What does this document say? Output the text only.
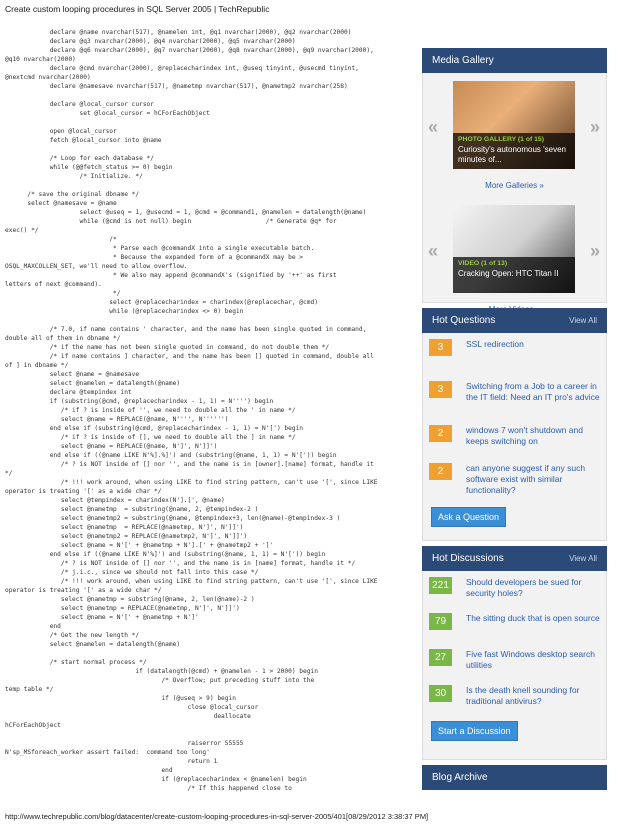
Create custom looping procedures in SQL Server 2005 | TechRepublic
declare @name nvarchar(517), @namelen int, @q1 nvarchar(2000), @q2 nvarchar(2000)
declare @q3 nvarchar(2000), @q4 nvarchar(2000), @q5 nvarchar(2000)
declare @q6 nvarchar(2000), @q7 nvarchar(2000), @q8 nvarchar(2000), @q9 nvarchar(2000),
@q10 nvarchar(2000)
declare @cmd nvarchar(2000), @replacecharindex int, @useq tinyint, @usecmd tinyint,
@nextcmd nvarchar(2000)
declare @namesave nvarchar(517), @nametmp nvarchar(517), @nametmp2 nvarchar(258)
declare @local_cursor cursor
set @local_cursor = hCForEachObject
open @local_cursor
fetch @local_cursor into @name
/* Loop for each database */
while (@@fetch_status >= 0) begin
/* Initialize. */
/* save the original dbname */
select @namesave = @name
select @useq = 1, @usecmd = 1, @cmd = @command1, @namelen = datalength(@name)
while (@cmd is not null) begin                    /* Generate @q* for
exec() */
/*
* Parse each @commandX into a single executable batch.
* Because the expanded form of a @commandX may be >
OSQL_MAXCOLLEN_SET, we'll need to allow overflow.
* We also may append @commandX's (signified by '++' as first
letters of next @command).
*/
select @replacecharindex = charindex(@replacechar, @cmd)
while (@replacecharindex <> 0) begin
/* 7.0, if name contains ' character, and the name has been single quoted in command,
double all of them in dbname */
/* if the name has not been single quoted in command, do not double them */
/* if name contains ] character, and the name has been [] quoted in command, double all
of ] in dbname */
select @name = @namesave
select @namelen = datalength(@name)
declare @tempindex int
if (substring(@cmd, @replacecharindex - 1, 1) = N'''') begin
/* if ? is inside of '', we need to double all the ' in name */
select @name = REPLACE(@name, N'''', N'''''')
end else if (substring(@cmd, @replacecharindex - 1, 1) = N'[') begin
/* if ? is inside of [], we need to double all the ] in name */
select @name = REPLACE(@name, N']', N']]')
end else if ((@name LIKE N'%].%]') and (substring(@name, 1, 1) = N'[')) begin
/* ? is NOT inside of [] nor '', and the name is in [owner].[name] format, handle it
*/
/* !!! work around, when using LIKE to find string pattern, can't use '[', since LIKE
operator is treating '[' as a wide char */
select @tempindex = charindex(N'].[', @name)
select @nametmp  = substring(@name, 2, @tempindex-2 )
select @nametmp2 = substring(@name, @tempindex+3, len(@name)-@tempindex-3 )
select @nametmp  = REPLACE(@nametmp, N']', N']]')
select @nametmp2 = REPLACE(@nametmp2, N']', N']]')
select @name = N'[' + @nametmp + N'].[' + @nametmp2 + ']'
end else if ((@name LIKE N'%]') and (substring(@name, 1, 1) = N'[')) begin
/* ? is NOT inside of [] nor '', and the name is in [name] format, handle it */
/* j.i.c., since we should not fall into this case */
/* !!! work around, when using LIKE to find string pattern, can't use '[', since LIKE
operator is treating '[' as a wide char */
select @nametmp = substring(@name, 2, len(@name)-2 )
select @nametmp = REPLACE(@nametmp, N']', N']]')
select @name = N'[' + @nametmp + N']'
end
/* Get the new length */
select @namelen = datalength(@name)
/* start normal process */
if (datalength(@cmd) + @namelen - 1 > 2000) begin
/* Overflow; put preceding stuff into the
temp table */
if (@useq > 9) begin
close @local_cursor
deallocate
hCForEachObject
raiserror 55555
N'sp_MSforeach_worker assert failed:  command too long'
return 1
end
if (@replacecharindex < @namelen) begin
/* If this happened close to
Media Gallery
«
PHOTO GALLERY (1 of 15)
Curiosity's autonomous 'seven minutes of...
»
More Galleries »
«
VIDEO (1 of 13)
Cracking Open: HTC Titan II
»
Hot Questions	View All
3	SSL redirection
3	Switching from a Job to a career in the IT field: Need an IT pro's advice
2	windows 7 won't shutdown and keeps switching on
2	can anyone suggest if any such software exist with similar functionality?
Ask a Question
Hot Discussions	View All
221	Should developers be sued for security holes?
79	The sitting duck that is open source
27	Five fast Windows desktop search utilities
30	Is the death knell sounding for traditional antivirus?
Start a Discussion
Blog Archive
http://www.techrepublic.com/blog/datacenter/create-custom-looping-procedures-in-sql-server-2005/401[08/29/2012 3:38:37 PM]
